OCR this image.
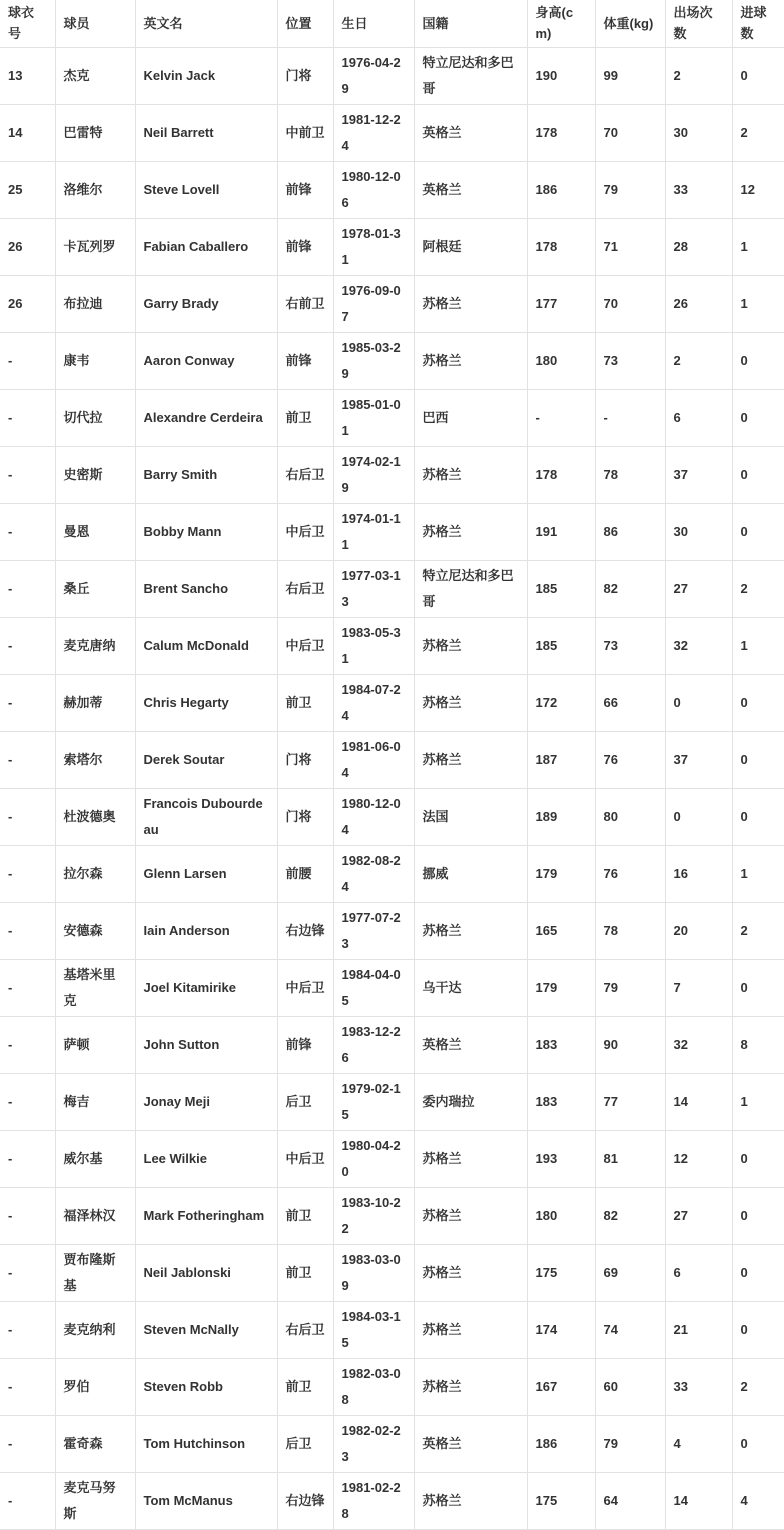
球衣号	球员	英文名	位置	生日	国籍	身高(cm)	体重(kg)	出场次数	进球数
13	杰克	Kelvin Jack	门将	1976-04-29	特立尼达和多巴哥	190	99	2	0
14	巴雷特	Neil Barrett	中前卫	1981-12-24	英格兰	178	70	30	2
25	洛维尔	Steve Lovell	前锋	1980-12-06	英格兰	186	79	33	12
26	卡瓦列罗	Fabian Caballero	前锋	1978-01-31	阿根廷	178	71	28	1
26	布拉迪	Garry Brady	右前卫	1976-09-07	苏格兰	177	70	26	1
-	康韦	Aaron Conway	前锋	1985-03-29	苏格兰	180	73	2	0
-	切代拉	Alexandre Cerdeira	前卫	1985-01-01	巴西	-	-	6	0
-	史密斯	Barry Smith	右后卫	1974-02-19	苏格兰	178	78	37	0
-	曼恩	Bobby Mann	中后卫	1974-01-11	苏格兰	191	86	30	0
-	桑丘	Brent Sancho	右后卫	1977-03-13	特立尼达和多巴哥	185	82	27	2
-	麦克唐纳	Calum McDonald	中后卫	1983-05-31	苏格兰	185	73	32	1
-	赫加蒂	Chris Hegarty	前卫	1984-07-24	苏格兰	172	66	0	0
-	索塔尔	Derek Soutar	门将	1981-06-04	苏格兰	187	76	37	0
-	杜波德奥	Francois Dubourdeau	门将	1980-12-04	法国	189	80	0	0
-	拉尔森	Glenn Larsen	前腰	1982-08-24	挪威	179	76	16	1
-	安德森	Iain Anderson	右边锋	1977-07-23	苏格兰	165	78	20	2
-	基塔米里克	Joel Kitamirike	中后卫	1984-04-05	乌干达	179	79	7	0
-	萨顿	John Sutton	前锋	1983-12-26	英格兰	183	90	32	8
-	梅吉	Jonay Meji	后卫	1979-02-15	委内瑞拉	183	77	14	1
-	威尔基	Lee Wilkie	中后卫	1980-04-20	苏格兰	193	81	12	0
-	福泽林汉	Mark Fotheringham	前卫	1983-10-22	苏格兰	180	82	27	0
-	贾布隆斯基	Neil Jablonski	前卫	1983-03-09	苏格兰	175	69	6	0
-	麦克纳利	Steven McNally	右后卫	1984-03-15	苏格兰	174	74	21	0
-	罗伯	Steven Robb	前卫	1982-03-08	苏格兰	167	60	33	2
-	霍奇森	Tom Hutchinson	后卫	1982-02-23	英格兰	186	79	4	0
-	麦克马努斯	Tom McManus	右边锋	1981-02-28	苏格兰	175	64	14	4
